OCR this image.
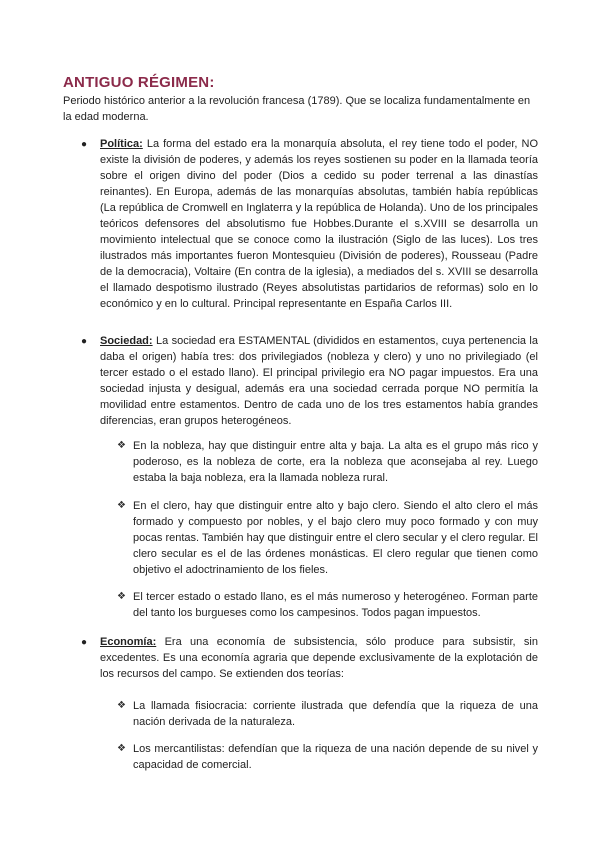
ANTIGUO RÉGIMEN:
Periodo histórico anterior a la revolución francesa (1789). Que se localiza fundamentalmente en la edad moderna.
● Política: La forma del estado era la monarquía absoluta, el rey tiene todo el poder, NO existe la división de poderes, y además los reyes sostienen su poder en la llamada teoría sobre el origen divino del poder (Dios a cedido su poder terrenal a las dinastías reinantes). En Europa, además de las monarquías absolutas, también había repúblicas (La república de Cromwell en Inglaterra y la república de Holanda). Uno de los principales teóricos defensores del absolutismo fue Hobbes.Durante el s.XVIII se desarrolla un movimiento intelectual que se conoce como la ilustración (Siglo de las luces). Los tres ilustrados más importantes fueron Montesquieu (División de poderes), Rousseau (Padre de la democracia), Voltaire (En contra de la iglesia), a mediados del s. XVIII se desarrolla el llamado despotismo ilustrado (Reyes absolutistas partidarios de reformas) solo en lo económico y en lo cultural. Principal representante en España Carlos III.
● Sociedad: La sociedad era ESTAMENTAL (divididos en estamentos, cuya pertenencia la daba el origen) había tres: dos privilegiados (nobleza y clero) y uno no privilegiado (el tercer estado o el estado llano). El principal privilegio era NO pagar impuestos. Era una sociedad injusta y desigual, además era una sociedad cerrada porque NO permitía la movilidad entre estamentos. Dentro de cada uno de los tres estamentos había grandes diferencias, eran grupos heterogéneos.
❖ En la nobleza, hay que distinguir entre alta y baja. La alta es el grupo más rico y poderoso, es la nobleza de corte, era la nobleza que aconsejaba al rey. Luego estaba la baja nobleza, era la llamada nobleza rural.
❖ En el clero, hay que distinguir entre alto y bajo clero. Siendo el alto clero el más formado y compuesto por nobles, y el bajo clero muy poco formado y con muy pocas rentas. También hay que distinguir entre el clero secular y el clero regular. El clero secular es el de las órdenes monásticas. El clero regular que tienen como objetivo el adoctrinamiento de los fieles.
❖ El tercer estado o estado llano, es el más numeroso y heterogéneo. Forman parte del tanto los burgueses como los campesinos. Todos pagan impuestos.
● Economía: Era una economía de subsistencia, sólo produce para subsistir, sin excedentes. Es una economía agraria que depende exclusivamente de la explotación de los recursos del campo. Se extienden dos teorías:
❖ La llamada fisiocracia: corriente ilustrada que defendía que la riqueza de una nación derivada de la naturaleza.
❖ Los mercantilistas: defendían que la riqueza de una nación depende de su nivel y capacidad de comercial.
